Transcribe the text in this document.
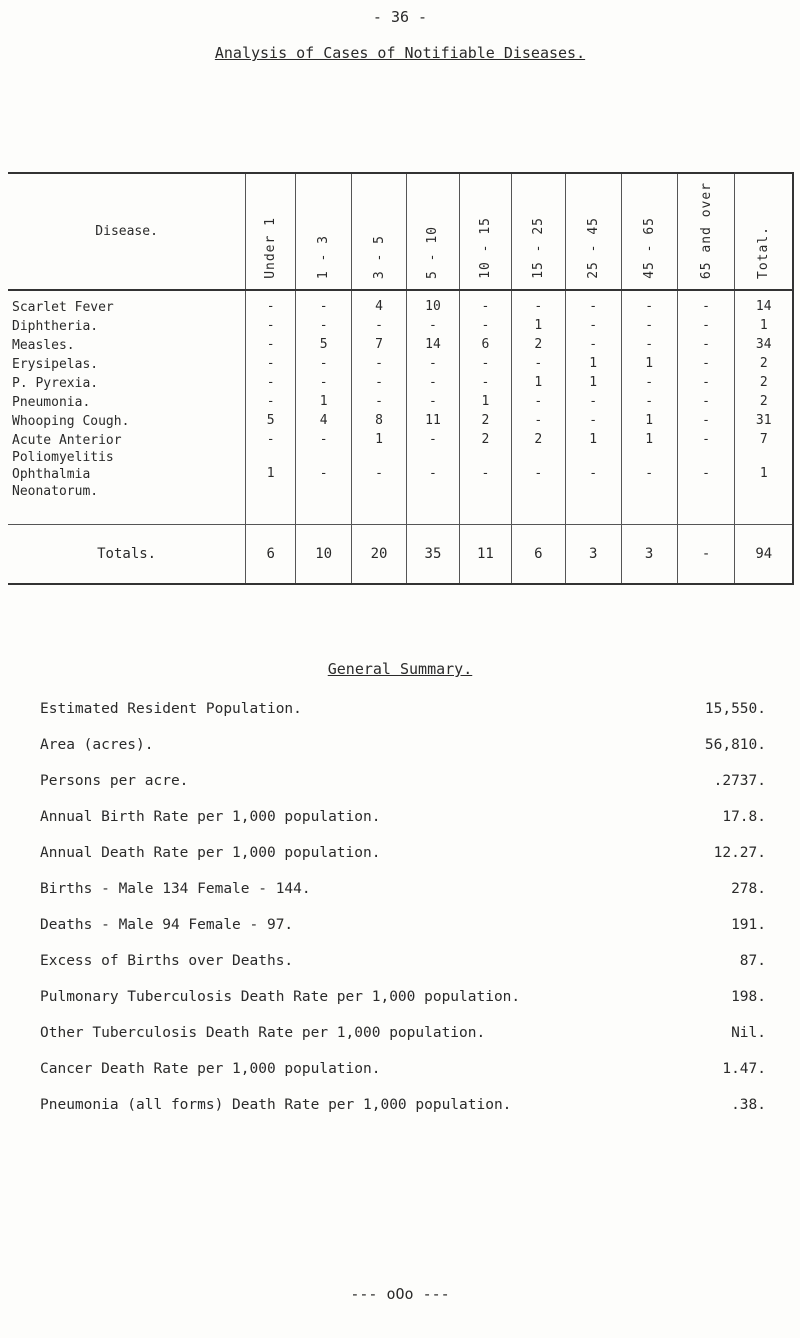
- 36 -
Analysis of Cases of Notifiable Diseases.
Disease.	Under 1	1 - 3	3 - 5	5 - 10	10 - 15	15 - 25	25 - 45	45 - 65	65 and over	Total.
Scarlet Fever	-	-	4	10	-	-	-	-	-	14
Diphtheria.	-	-	-	-	-	1	-	-	-	1
Measles.	-	5	7	14	6	2	-	-	-	34
Erysipelas.	-	-	-	-	-	-	1	1	-	2
P. Pyrexia.	-	-	-	-	-	1	1	-	-	2
Pneumonia.	-	1	-	-	1	-	-	-	-	2
Whooping Cough.	5	4	8	11	2	-	-	1	-	31
Acute Anterior
Poliomyelitis	-	-	1	-	2	2	1	1	-	7
Ophthalmia
Neonatorum.	1	-	-	-	-	-	-	-	-	1

Totals.	6	10	20	35	11	6	3	3	-	94
General Summary.
Estimated Resident Population.	15,550.
Area (acres).	56,810.
Persons per acre.	.2737.
Annual Birth Rate per 1,000 population.	17.8.
Annual Death Rate per 1,000 population.	12.27.
Births - Male 134 Female - 144.	278.
Deaths - Male 94 Female - 97.	191.
Excess of Births over Deaths.	87.
Pulmonary Tuberculosis Death Rate per 1,000 population.	198.
Other Tuberculosis Death Rate per 1,000 population.	Nil.
Cancer Death Rate per 1,000 population.	1.47.
Pneumonia (all forms) Death Rate per 1,000 population.	.38.
--- oOo ---
